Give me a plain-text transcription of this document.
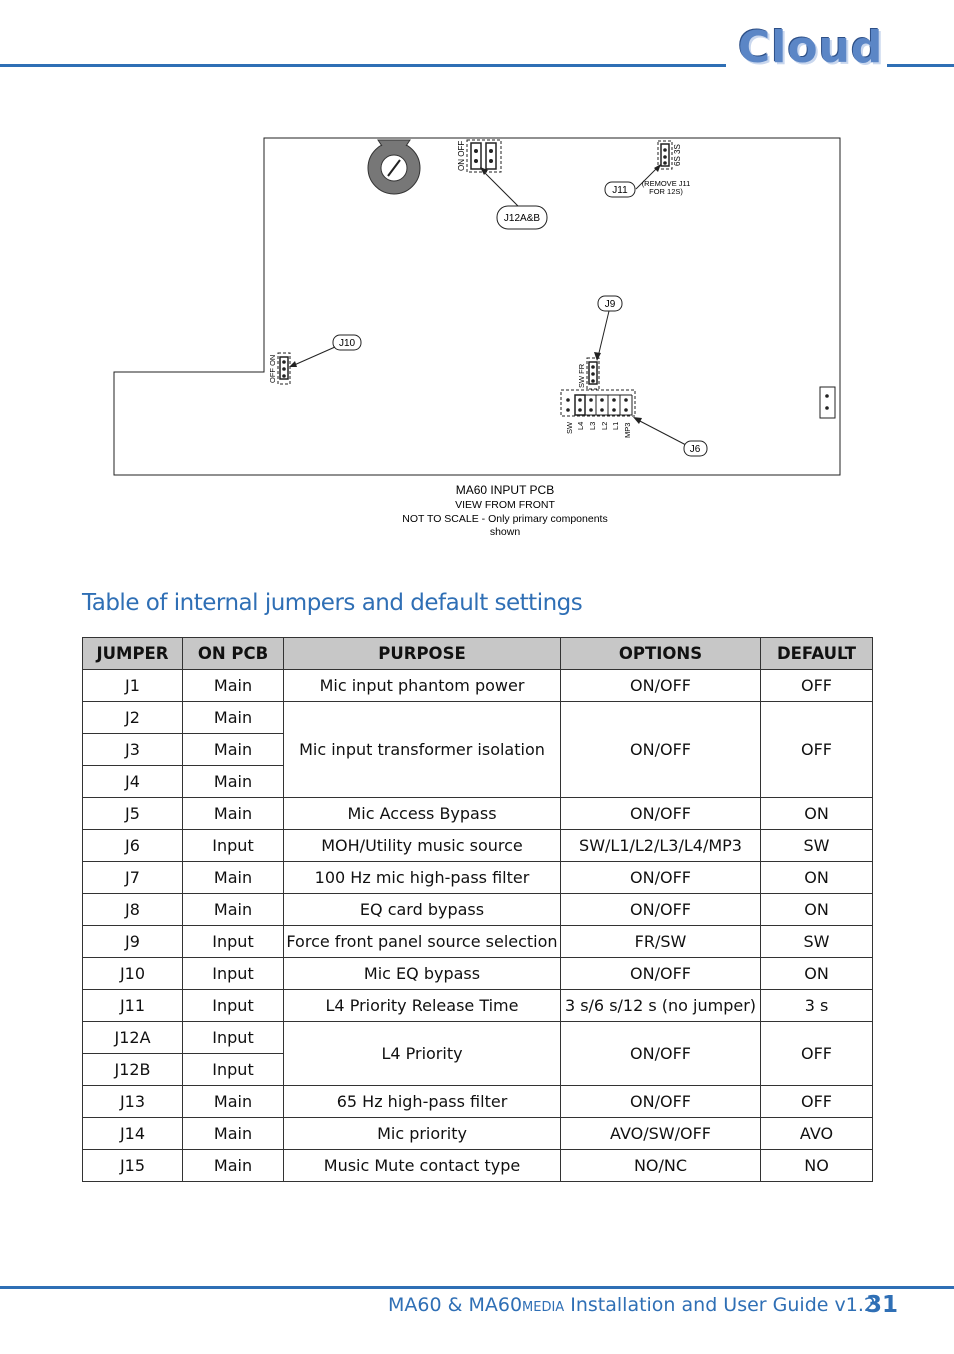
Cloud
ON OFF
J12A&B
6S 3S
J11
(REMOVE J11
FOR 12S)
J9
SW FR
SW L4 L3 L2 L1 MP3
J6
J10
OFF ON
MA60 INPUT PCB
VIEW FROM FRONT
NOT TO SCALE - Only primary components
shown
Table of internal jumpers and default settings
JUMPER	ON PCB	PURPOSE	OPTIONS	DEFAULT
J1	Main	Mic input phantom power	ON/OFF	OFF
J2	Main	Mic input transformer isolation	ON/OFF	OFF
J3	Main			
J4	Main			
J5	Main	Mic Access Bypass	ON/OFF	ON
J6	Input	MOH/Utility music source	SW/L1/L2/L3/L4/MP3	SW
J7	Main	100 Hz mic high-pass filter	ON/OFF	ON
J8	Main	EQ card bypass	ON/OFF	ON
J9	Input	Force front panel source selection	FR/SW	SW
J10	Input	Mic EQ bypass	ON/OFF	ON
J11	Input	L4 Priority Release Time	3 s/6 s/12 s (no jumper)	3 s
J12A	Input	L4 Priority	ON/OFF	OFF
J12B	Input			
J13	Main	65 Hz high-pass filter	ON/OFF	OFF
J14	Main	Mic priority	AVO/SW/OFF	AVO
J15	Main	Music Mute contact type	NO/NC	NO
MA60 & MA60MEDIA Installation and User Guide v1.2
31
